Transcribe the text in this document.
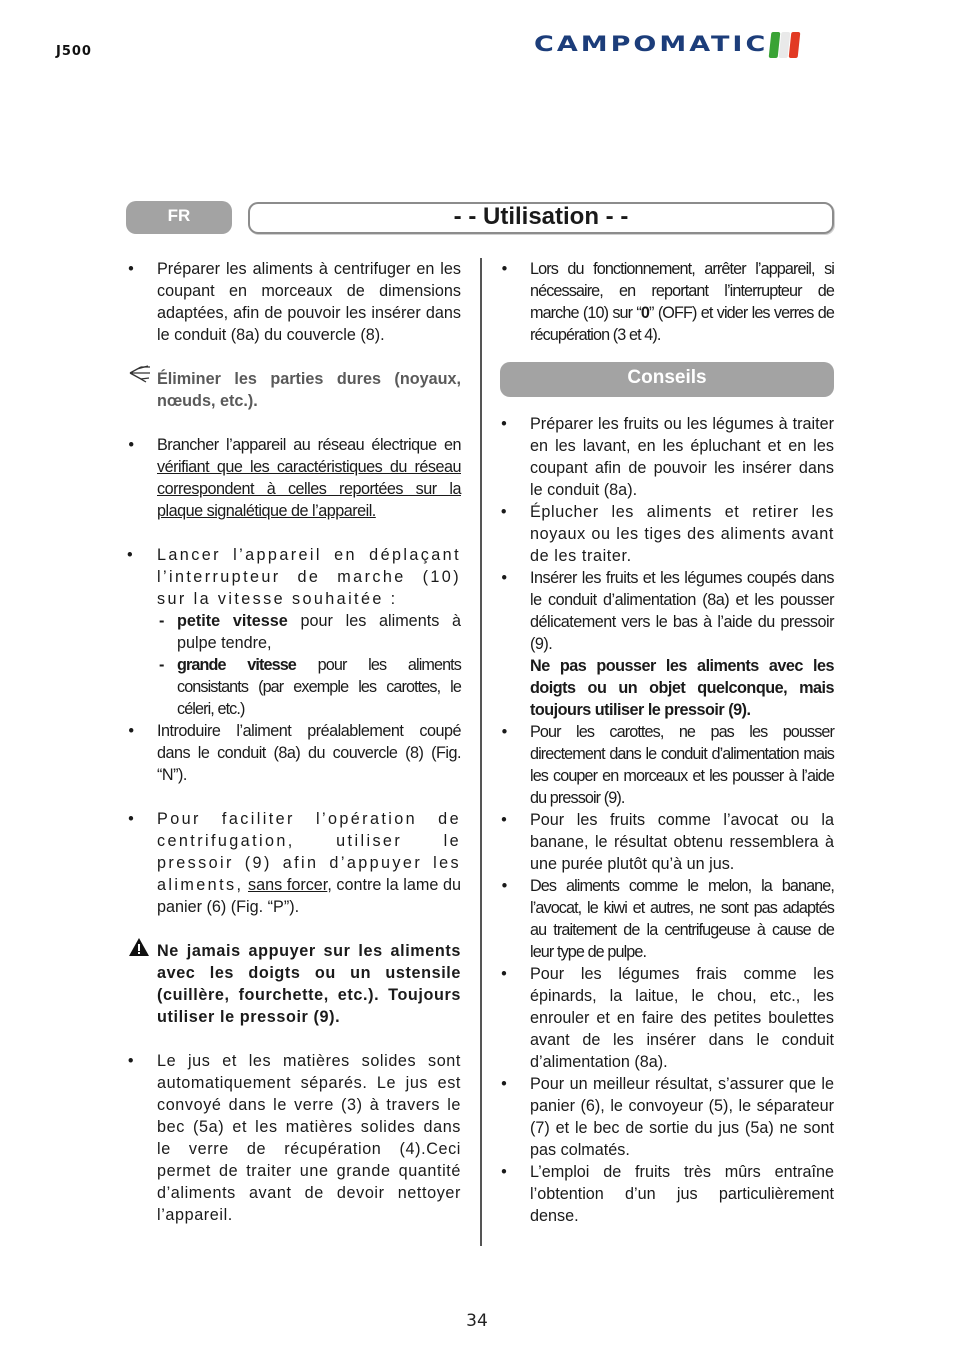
J500	CAMPOMATIC
FR	- - Utilisation - -
• Préparer les aliments à centrifuger en les coupant en morceaux de dimensions adaptées, afin de pouvoir les insérer dans le conduit (8a) du couvercle (8).
Éliminer les parties dures (noyaux, nœuds, etc.).
• Brancher l’appareil au réseau électrique en vérifiant que les caractéristiques du réseau correspondent à celles reportées sur la plaque signalétique de l’appareil.
• Lancer l’appareil en déplaçant l’interrupteur de marche (10) sur la vitesse souhaitée :
- petite vitesse pour les aliments à pulpe tendre,
- grande vitesse pour les aliments consistants (par exemple les carottes, le céleri, etc.)
• Introduire l’aliment préalablement coupé dans le conduit (8a) du couvercle (8) (Fig. “N”).
• Pour faciliter l’opération de centrifugation, utiliser le pressoir (9) afin d’appuyer les aliments, sans forcer, contre la lame du panier (6) (Fig. “P”).
Ne jamais appuyer sur les aliments avec les doigts ou un ustensile (cuillère, fourchette, etc.). Toujours utiliser le pressoir (9).
• Le jus et les matières solides sont automatiquement séparés. Le jus est convoyé dans le verre (3) à travers le bec (5a) et les matières solides dans le verre de récupération (4).Ceci permet de traiter une grande quantité d’aliments avant de devoir nettoyer l’appareil.
• Lors du fonctionnement, arrêter l’appareil, si nécessaire, en reportant l’interrupteur de marche (10) sur “0” (OFF) et vider les verres de récupération (3 et 4).
Conseils
• Préparer les fruits ou les légumes à traiter en les lavant, en les épluchant et en les coupant afin de pouvoir les insérer dans le conduit (8a).
• Éplucher les aliments et retirer les noyaux ou les tiges des aliments avant de les traiter.
• Insérer les fruits et les légumes coupés dans le conduit d’alimentation (8a) et les pousser délicatement vers le bas à l’aide du pressoir (9).
Ne pas pousser les aliments avec les doigts ou un objet quelconque, mais toujours utiliser le pressoir (9).
• Pour les carottes, ne pas les pousser directement dans le conduit d’alimentation mais les couper en morceaux et les pousser à l’aide du pressoir (9).
• Pour les fruits comme l’avocat ou la banane, le résultat obtenu ressemblera à une purée plutôt qu’à un jus.
• Des aliments comme le melon, la banane, l’avocat, le kiwi et autres, ne sont pas adaptés au traitement de la centrifugeuse à cause de leur type de pulpe.
• Pour les légumes frais comme les épinards, la laitue, le chou, etc., les enrouler et en faire des petites boulettes avant de les insérer dans le conduit d’alimentation (8a).
• Pour un meilleur résultat, s’assurer que le panier (6), le convoyeur (5), le séparateur (7) et le bec de sortie du jus (5a) ne sont pas colmatés.
• L’emploi de fruits très mûrs entraîne l’obtention d’un jus particulièrement dense.
34
